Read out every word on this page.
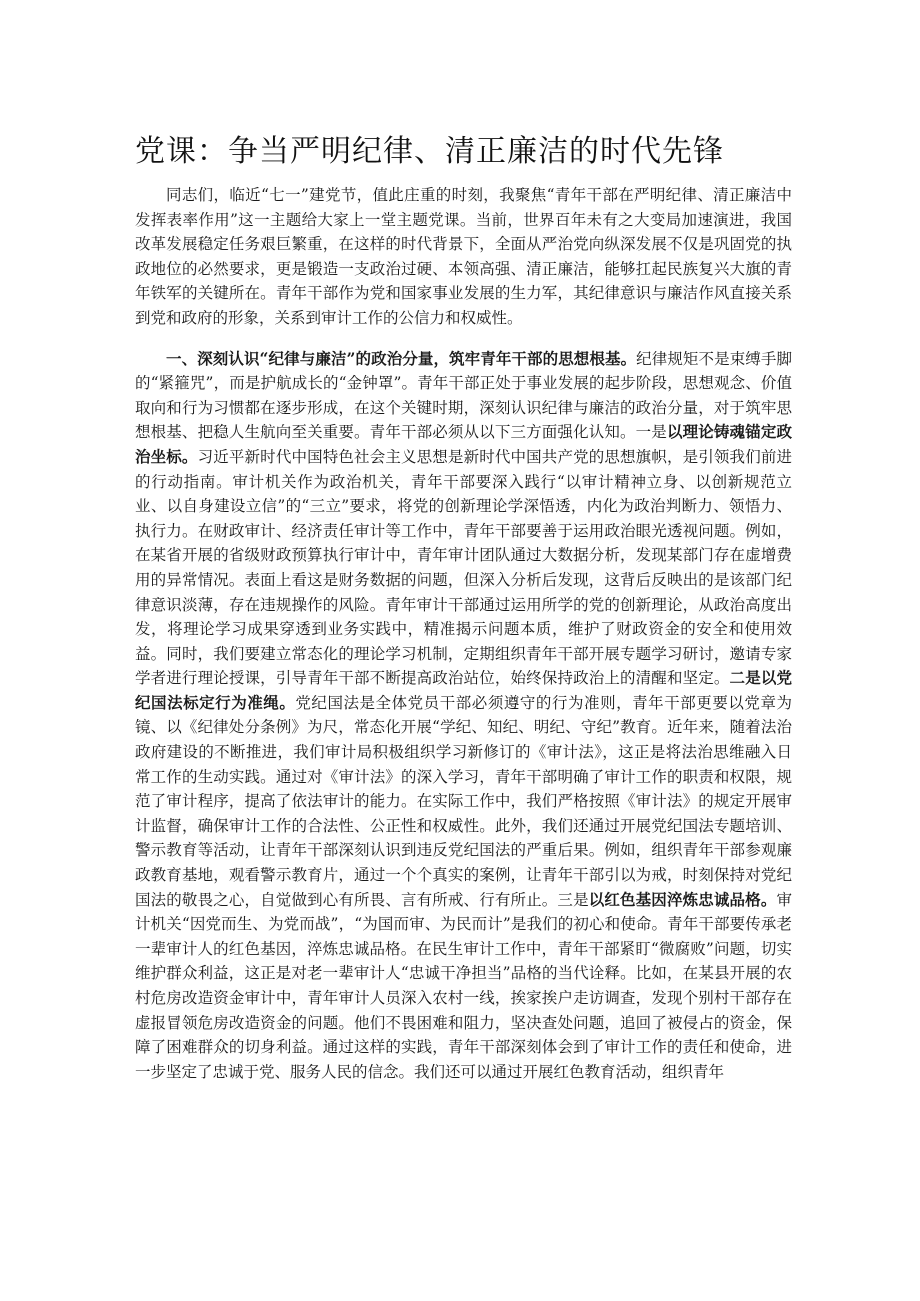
党课：争当严明纪律、清正廉洁的时代先锋

同志们，临近“七一”建党节，值此庄重的时刻，我聚焦“青年干部在严明纪律、清正廉洁中发挥表率作用”这一主题给大家上一堂主题党课。当前，世界百年未有之大变局加速演进，我国改革发展稳定任务艰巨繁重，在这样的时代背景下，全面从严治党向纵深发展不仅是巩固党的执政地位的必然要求，更是锻造一支政治过硬、本领高强、清正廉洁，能够扛起民族复兴大旗的青年铁军的关键所在。青年干部作为党和国家事业发展的生力军，其纪律意识与廉洁作风直接关系到党和政府的形象，关系到审计工作的公信力和权威性。

一、深刻认识“纪律与廉洁”的政治分量，筑牢青年干部的思想根基。纪律规矩不是束缚手脚的“紧箍咒”，而是护航成长的“金钟罩”。青年干部正处于事业发展的起步阶段，思想观念、价值取向和行为习惯都在逐步形成，在这个关键时期，深刻认识纪律与廉洁的政治分量，对于筑牢思想根基、把稳人生航向至关重要。青年干部必须从以下三方面强化认知。一是以理论铸魂锚定政治坐标。习近平新时代中国特色社会主义思想是新时代中国共产党的思想旗帜，是引领我们前进的行动指南。审计机关作为政治机关，青年干部要深入践行“以审计精神立身、以创新规范立业、以自身建设立信”的“三立”要求，将党的创新理论学深悟透，内化为政治判断力、领悟力、执行力。在财政审计、经济责任审计等工作中，青年干部要善于运用政治眼光透视问题。例如，在某省开展的省级财政预算执行审计中，青年审计团队通过大数据分析，发现某部门存在虚增费用的异常情况。表面上看这是财务数据的问题，但深入分析后发现，这背后反映出的是该部门纪律意识淡薄，存在违规操作的风险。青年审计干部通过运用所学的党的创新理论，从政治高度出发，将理论学习成果穿透到业务实践中，精准揭示问题本质，维护了财政资金的安全和使用效益。同时，我们要建立常态化的理论学习机制，定期组织青年干部开展专题学习研讨，邀请专家学者进行理论授课，引导青年干部不断提高政治站位，始终保持政治上的清醒和坚定。二是以党纪国法标定行为准绳。党纪国法是全体党员干部必须遵守的行为准则，青年干部更要以党章为镜、以《纪律处分条例》为尺，常态化开展“学纪、知纪、明纪、守纪”教育。近年来，随着法治政府建设的不断推进，我们审计局积极组织学习新修订的《审计法》，这正是将法治思维融入日常工作的生动实践。通过对《审计法》的深入学习，青年干部明确了审计工作的职责和权限，规范了审计程序，提高了依法审计的能力。在实际工作中，我们严格按照《审计法》的规定开展审计监督，确保审计工作的合法性、公正性和权威性。此外，我们还通过开展党纪国法专题培训、警示教育等活动，让青年干部深刻认识到违反党纪国法的严重后果。例如，组织青年干部参观廉政教育基地，观看警示教育片，通过一个个真实的案例，让青年干部引以为戒，时刻保持对党纪国法的敬畏之心，自觉做到心有所畏、言有所戒、行有所止。三是以红色基因淬炼忠诚品格。审计机关“因党而生、为党而战”，“为国而审、为民而计”是我们的初心和使命。青年干部要传承老一辈审计人的红色基因，淬炼忠诚品格。在民生审计工作中，青年干部紧盯“微腐败”问题，切实维护群众利益，这正是对老一辈审计人“忠诚干净担当”品格的当代诠释。比如，在某县开展的农村危房改造资金审计中，青年审计人员深入农村一线，挨家挨户走访调查，发现个别村干部存在虚报冒领危房改造资金的问题。他们不畏困难和阻力，坚决查处问题，追回了被侵占的资金，保障了困难群众的切身利益。通过这样的实践，青年干部深刻体会到了审计工作的责任和使命，进一步坚定了忠诚于党、服务人民的信念。我们还可以通过开展红色教育活动，组织青年
